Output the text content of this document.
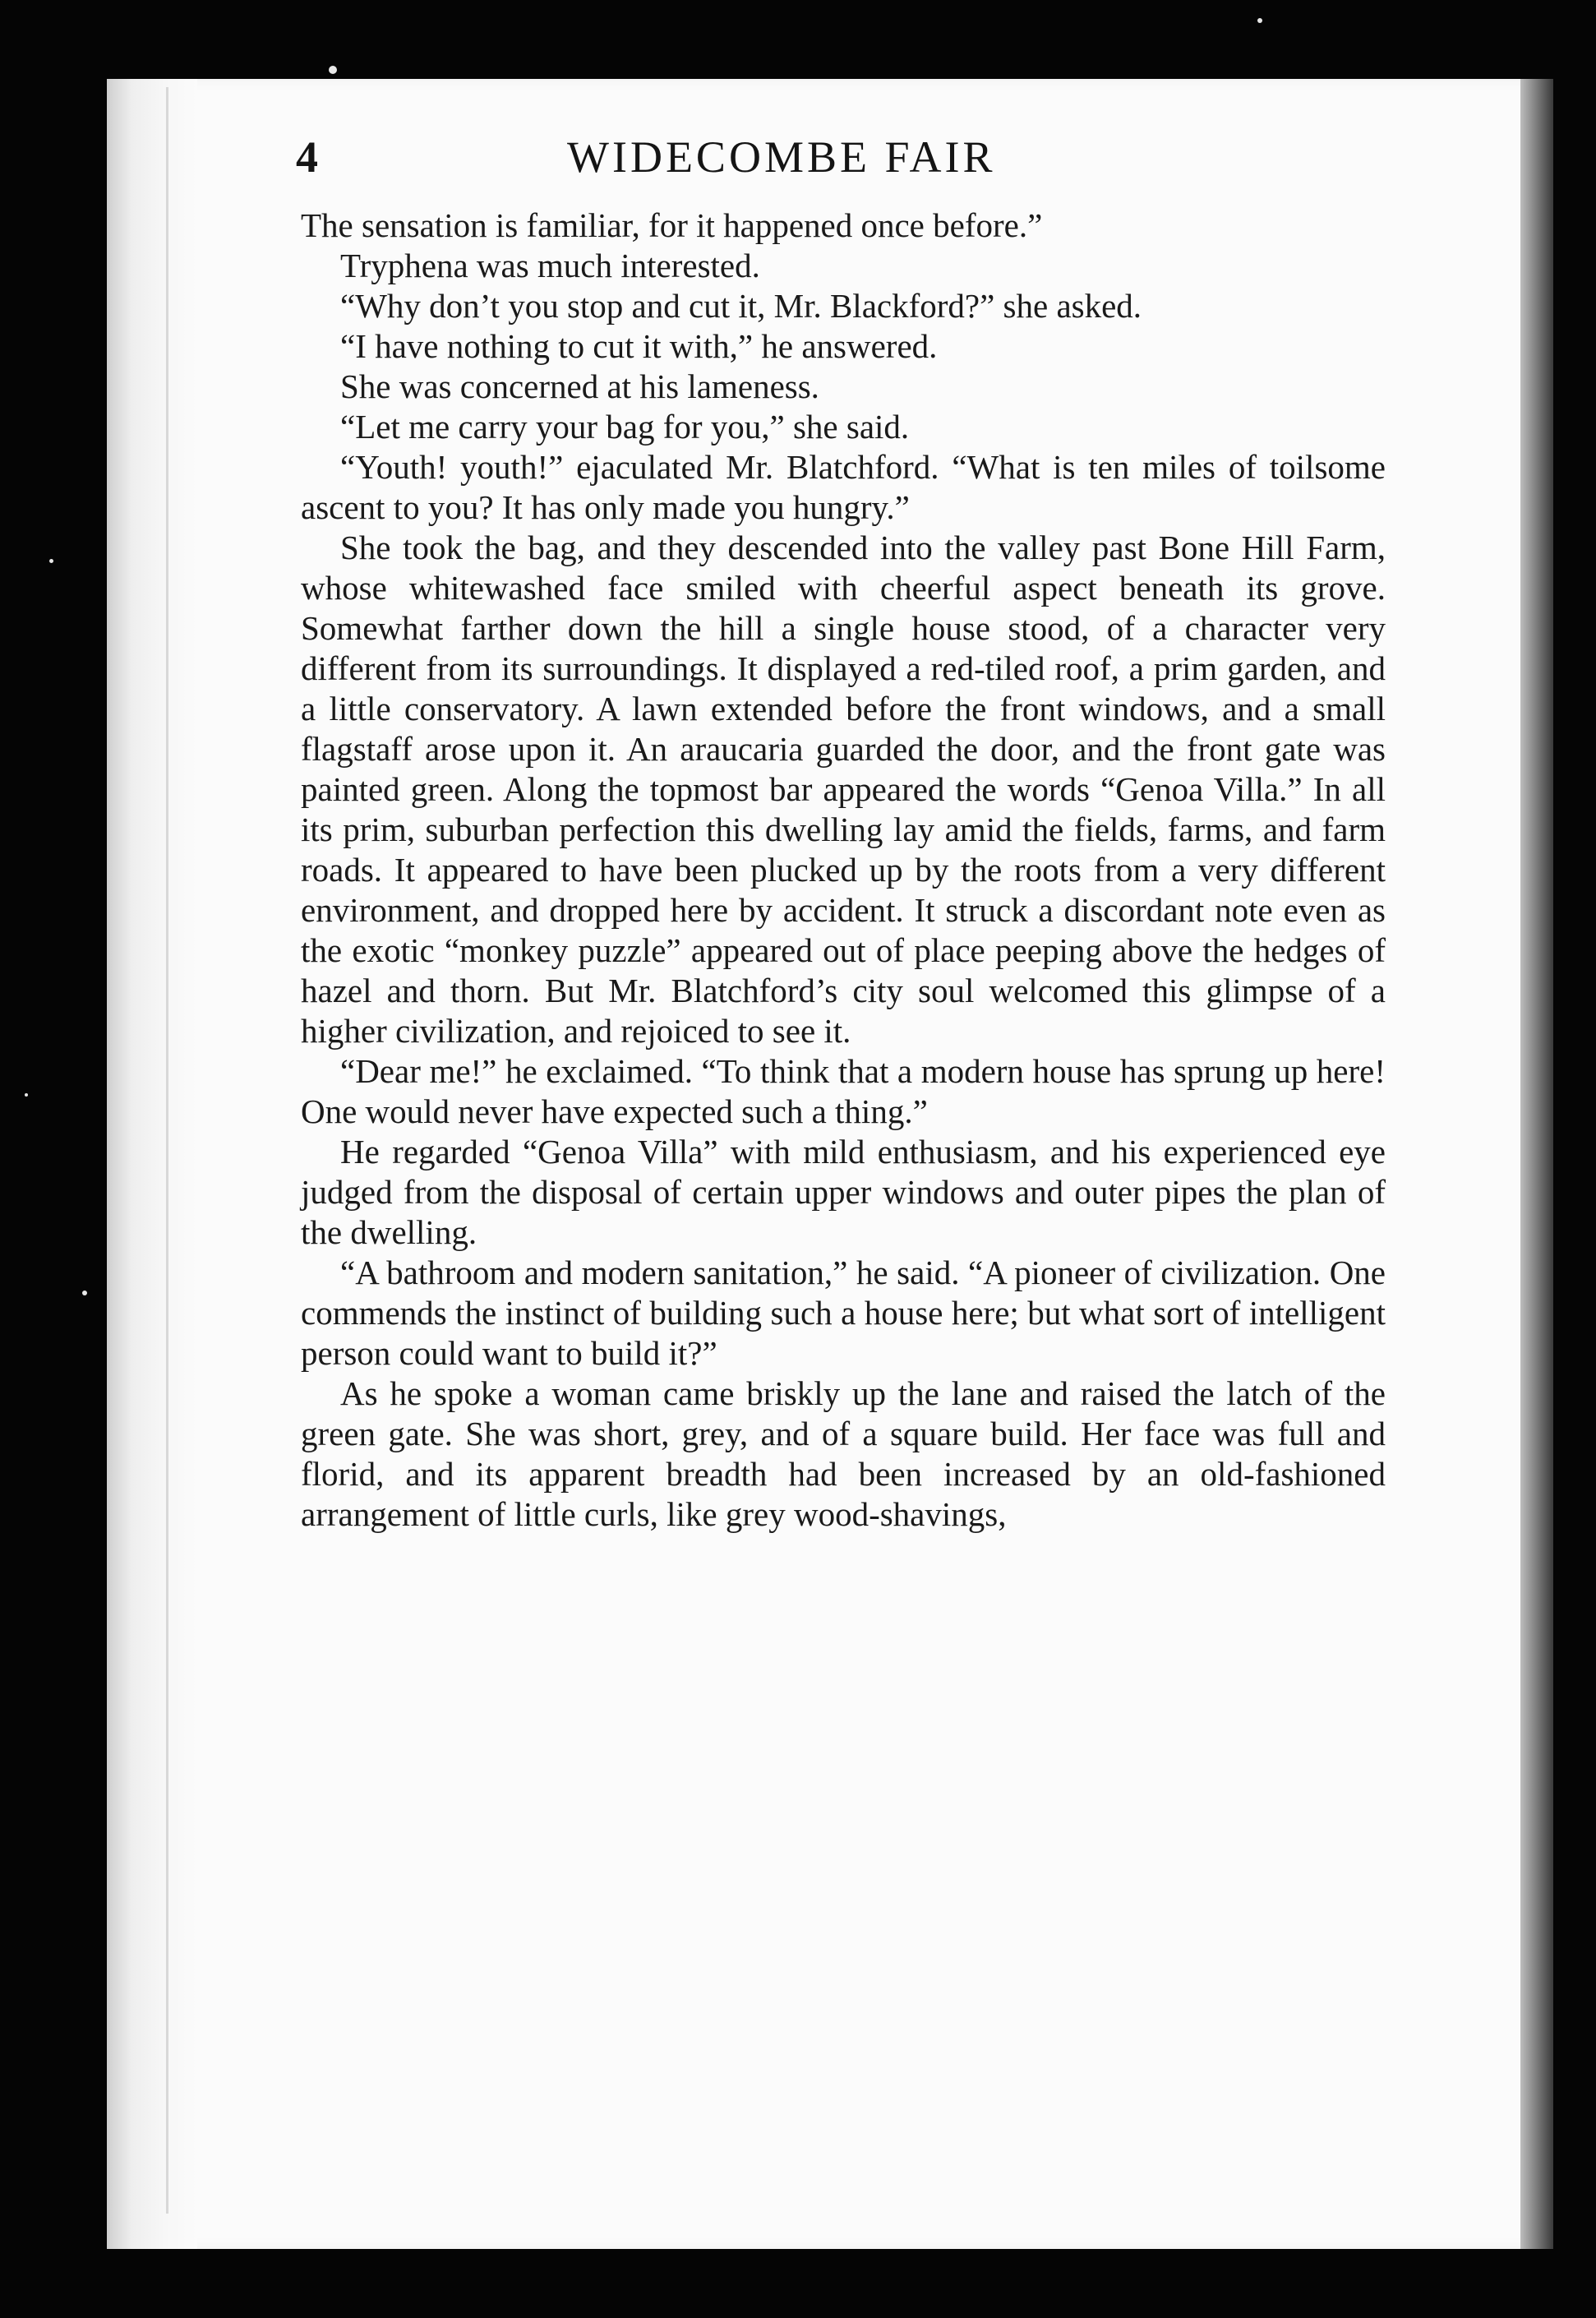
4	WIDECOMBE FAIR

The sensation is familiar, for it happened once before.”

Tryphena was much interested.

“Why don’t you stop and cut it, Mr. Blackford?” she asked.

“I have nothing to cut it with,” he answered.

She was concerned at his lameness.

“Let me carry your bag for you,” she said.

“Youth! youth!” ejaculated Mr. Blatchford. “What is ten miles of toilsome ascent to you? It has only made you hungry.”

She took the bag, and they descended into the valley past Bone Hill Farm, whose whitewashed face smiled with cheerful aspect beneath its grove. Somewhat farther down the hill a single house stood, of a character very different from its surroundings. It displayed a red-tiled roof, a prim garden, and a little conservatory. A lawn extended before the front windows, and a small flagstaff arose upon it. An araucaria guarded the door, and the front gate was painted green. Along the topmost bar appeared the words “Genoa Villa.” In all its prim, suburban perfection this dwelling lay amid the fields, farms, and farm roads. It appeared to have been plucked up by the roots from a very different environment, and dropped here by accident. It struck a discordant note even as the exotic “monkey puzzle” appeared out of place peeping above the hedges of hazel and thorn. But Mr. Blatchford’s city soul welcomed this glimpse of a higher civilization, and rejoiced to see it.

“Dear me!” he exclaimed. “To think that a modern house has sprung up here! One would never have expected such a thing.”

He regarded “Genoa Villa” with mild enthusiasm, and his experienced eye judged from the disposal of certain upper windows and outer pipes the plan of the dwelling.

“A bathroom and modern sanitation,” he said. “A pioneer of civilization. One commends the instinct of building such a house here; but what sort of intelligent person could want to build it?”

As he spoke a woman came briskly up the lane and raised the latch of the green gate. She was short, grey, and of a square build. Her face was full and florid, and its apparent breadth had been increased by an old-fashioned arrangement of little curls, like grey wood-shavings,
